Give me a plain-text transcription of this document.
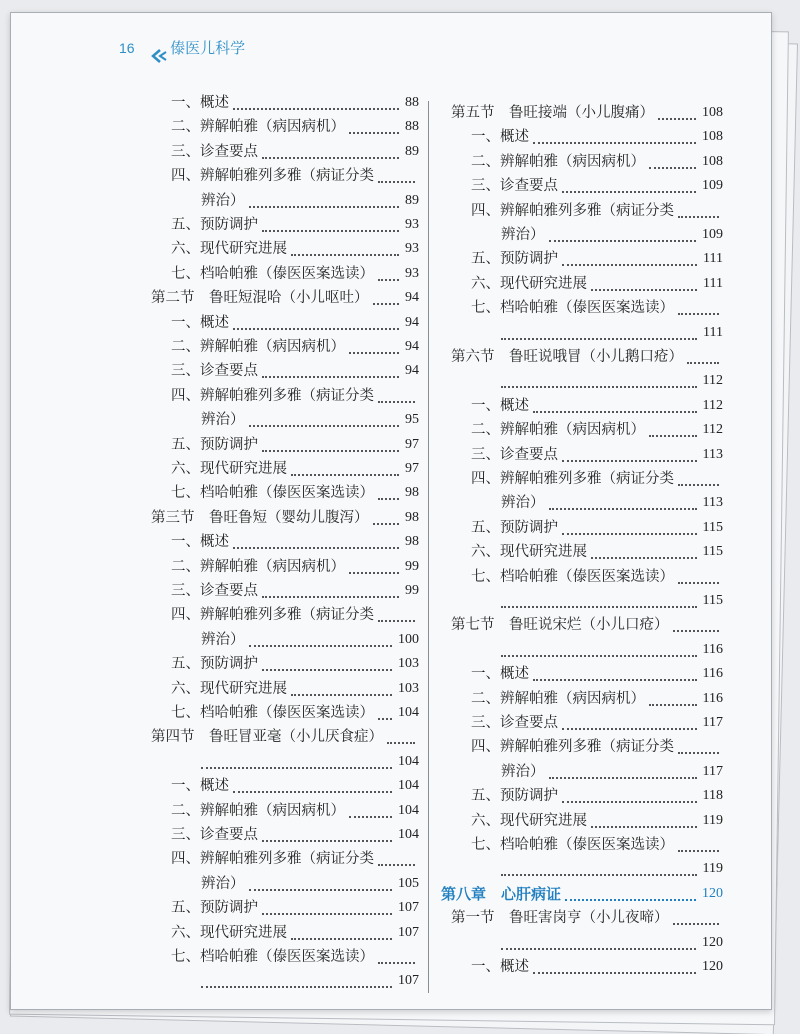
16 傣医儿科学
一、概述	88
二、辨解帕雅（病因病机）	88
三、诊查要点	89
四、辨解帕雅列多雅（病证分类
辨治）	89
五、预防调护	93
六、现代研究进展	93
七、档哈帕雅（傣医医案选读） 93
第二节　鲁旺短混哈（小儿呕吐）	94
一、概述	94
二、辨解帕雅（病因病机）	94
三、诊查要点	94
四、辨解帕雅列多雅（病证分类
辨治）	95
五、预防调护	97
六、现代研究进展	97
七、档哈帕雅（傣医医案选读） 98
第三节　鲁旺鲁短（婴幼儿腹泻）	98
一、概述	98
二、辨解帕雅（病因病机）	99
三、诊查要点	99
四、辨解帕雅列多雅（病证分类
辨治）	100
五、预防调护	103
六、现代研究进展	103
七、档哈帕雅（傣医医案选读） 104
第四节　鲁旺冒亚毫（小儿厌食症）
104
一、概述	104
二、辨解帕雅（病因病机）	104
三、诊查要点	104
四、辨解帕雅列多雅（病证分类
辨治）	105
五、预防调护	107
六、现代研究进展	107
七、档哈帕雅（傣医医案选读）
107
第五节　鲁旺接端（小儿腹痛）	108
一、概述	108
二、辨解帕雅（病因病机）	108
三、诊查要点	109
四、辨解帕雅列多雅（病证分类
辨治）	109
五、预防调护	111
六、现代研究进展	111
七、档哈帕雅（傣医医案选读）
111
第六节　鲁旺说哦冒（小儿鹅口疮）
112
一、概述	112
二、辨解帕雅（病因病机）	112
三、诊查要点	113
四、辨解帕雅列多雅（病证分类
辨治）	113
五、预防调护	115
六、现代研究进展	115
七、档哈帕雅（傣医医案选读）
115
第七节　鲁旺说宋烂（小儿口疮）
116
一、概述	116
二、辨解帕雅（病因病机）	116
三、诊查要点	117
四、辨解帕雅列多雅（病证分类
辨治）	117
五、预防调护	118
六、现代研究进展	119
七、档哈帕雅（傣医医案选读）
119
第八章　心肝病证	120
第一节　鲁旺害岗亨（小儿夜啼）
120
一、概述	120
